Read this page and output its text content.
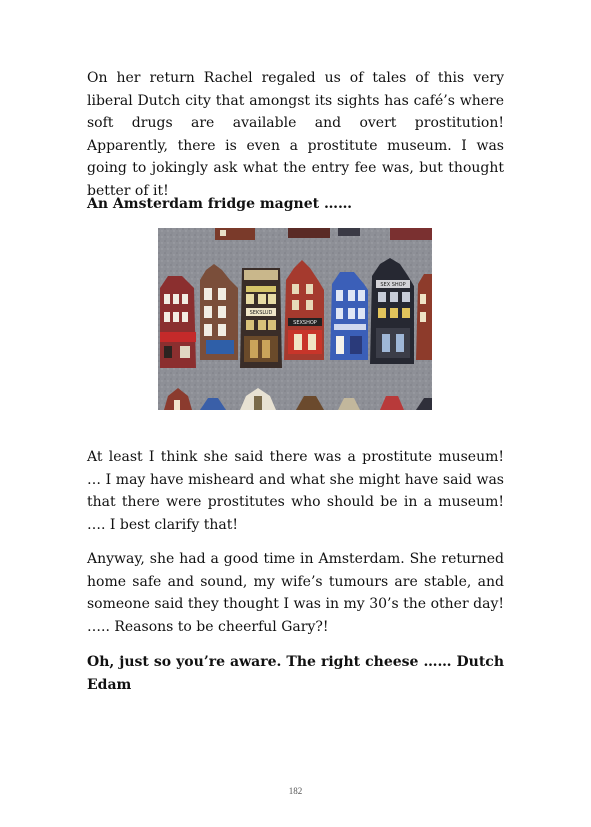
On her return Rachel regaled us of tales of this very liberal Dutch city that amongst its sights has café’s where soft drugs are available and overt prostitution! Apparently, there is even a prostitute museum. I was going to jokingly ask what the entry fee was, but thought better of it!

An Amsterdam fridge magnet ……

SEKSLUD
SEXSHOP
SEX SHOP

At least I think she said there was a prostitute museum! … I may have misheard and what she might have said was that there were prostitutes who should be in a museum! …. I best clarify that!

Anyway, she had a good time in Amsterdam. She returned home safe and sound, my wife’s tumours are stable, and someone said they thought I was in my 30’s the other day! ….. Reasons to be cheerful Gary?!

Oh, just so you’re aware. The right cheese …… Dutch Edam

182
